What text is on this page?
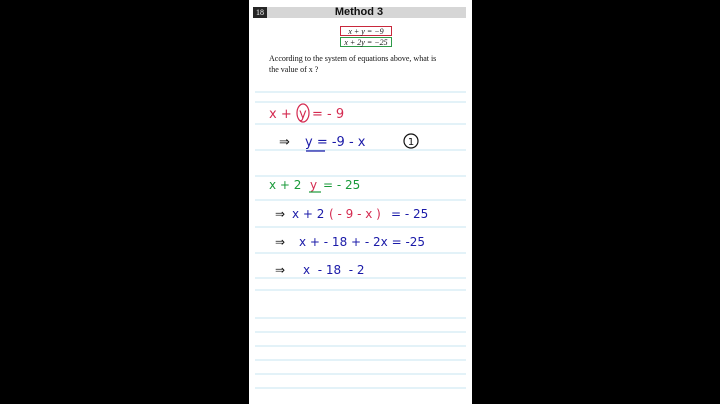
18	Method 3
x + y = −9
x + 2y = −25
According to the system of equations above, what is
the value of x ?
x + y = - 9
⇒ y = -9 - x	1
x + 2 y = - 25
⇒ x + 2 ( - 9 - x ) = - 25
⇒ x + - 18 + - 2x = -25
⇒ x  - 18  - 2
